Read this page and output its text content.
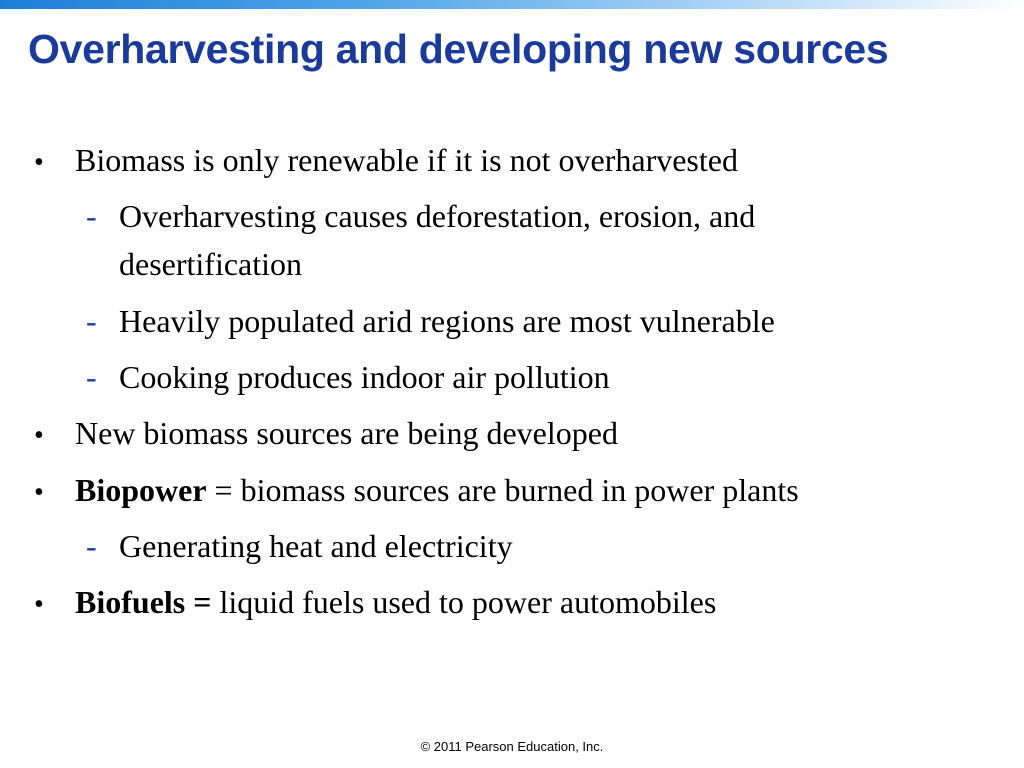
Overharvesting and developing new sources
• Biomass is only renewable if it is not overharvested
- Overharvesting causes deforestation, erosion, and desertification
- Heavily populated arid regions are most vulnerable
- Cooking produces indoor air pollution
• New biomass sources are being developed
• Biopower = biomass sources are burned in power plants
- Generating heat and electricity
• Biofuels = liquid fuels used to power automobiles
© 2011 Pearson Education, Inc.
